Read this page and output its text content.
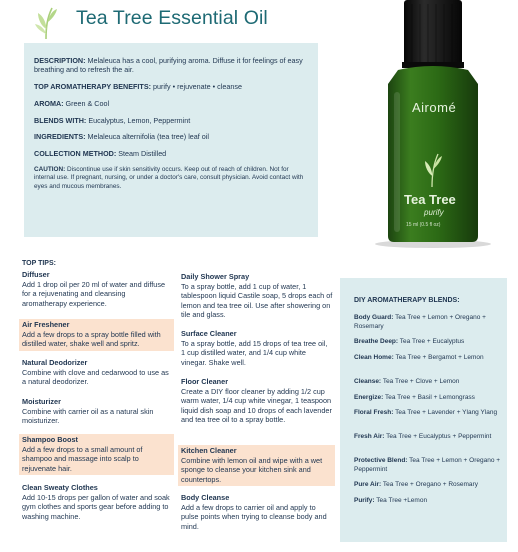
Tea Tree Essential Oil

DESCRIPTION: Melaleuca has a cool, purifying aroma. Diffuse it for feelings of easy breathing and to refresh the air.

TOP AROMATHERAPY BENEFITS: purify • rejuvenate • cleanse

AROMA: Green & Cool

BLENDS WITH: Eucalyptus, Lemon, Peppermint

INGREDIENTS: Melaleuca alternifolia (tea tree) leaf oil

COLLECTION METHOD: Steam Distilled

CAUTION: Discontinue use if skin sensitivity occurs. Keep out of reach of children. Not for internal use. If pregnant, nursing, or under a doctor's care, consult physician. Avoid contact with eyes and mucous membranes.

Airomé
Tea Tree
purify
15 ml (0.5 fl oz)
TOP TIPS:
Diffuser
Add 1 drop oil per 20 ml of water and diffuse for a rejuvenating and cleansing aromatherapy experience.
Air Freshener
Add a few drops to a spray bottle filled with distilled water, shake well and spritz.
Natural Deodorizer
Combine with clove and cedarwood to use as a natural deodorizer.
Moisturizer
Combine with carrier oil as a natural skin moisturizer.
Shampoo Boost
Add a few drops to a small amount of shampoo and massage into scalp to rejuvenate hair.
Clean Sweaty Clothes
Add 10-15 drops per gallon of water and soak gym clothes and sports gear before adding to washing machine.
Daily Shower Spray
To a spray bottle, add 1 cup of water, 1 tablespoon liquid Castile soap, 5 drops each of lemon and tea tree oil. Use after showering on tile and glass.
Surface Cleaner
To a spray bottle, add 15 drops of tea tree oil, 1 cup distilled water, and 1/4 cup white vinegar. Shake well.
Floor Cleaner
Create a DIY floor cleaner by adding 1/2 cup warm water, 1/4 cup white vinegar, 1 teaspoon liquid dish soap and 10 drops of each lavender and tea tree oil to a spray bottle.
Kitchen Cleaner
Combine with lemon oil and wipe with a wet sponge to cleanse your kitchen sink and countertops.
Body Cleanse
Add a few drops to carrier oil and apply to pulse points when trying to cleanse body and mind.
DIY AROMATHERAPY BLENDS:
Body Guard: Tea Tree + Lemon + Oregano + Rosemary
Breathe Deep: Tea Tree + Eucalyptus
Clean Home: Tea Tree + Bergamot + Lemon
Cleanse: Tea Tree + Clove + Lemon
Energize: Tea Tree + Basil + Lemongrass
Floral Fresh: Tea Tree + Lavender + Ylang Ylang
Fresh Air: Tea Tree + Eucalyptus + Peppermint
Protective Blend: Tea Tree + Lemon + Oregano + Peppermint
Pure Air: Tea Tree + Oregano + Rosemary
Purify: Tea Tree +Lemon
